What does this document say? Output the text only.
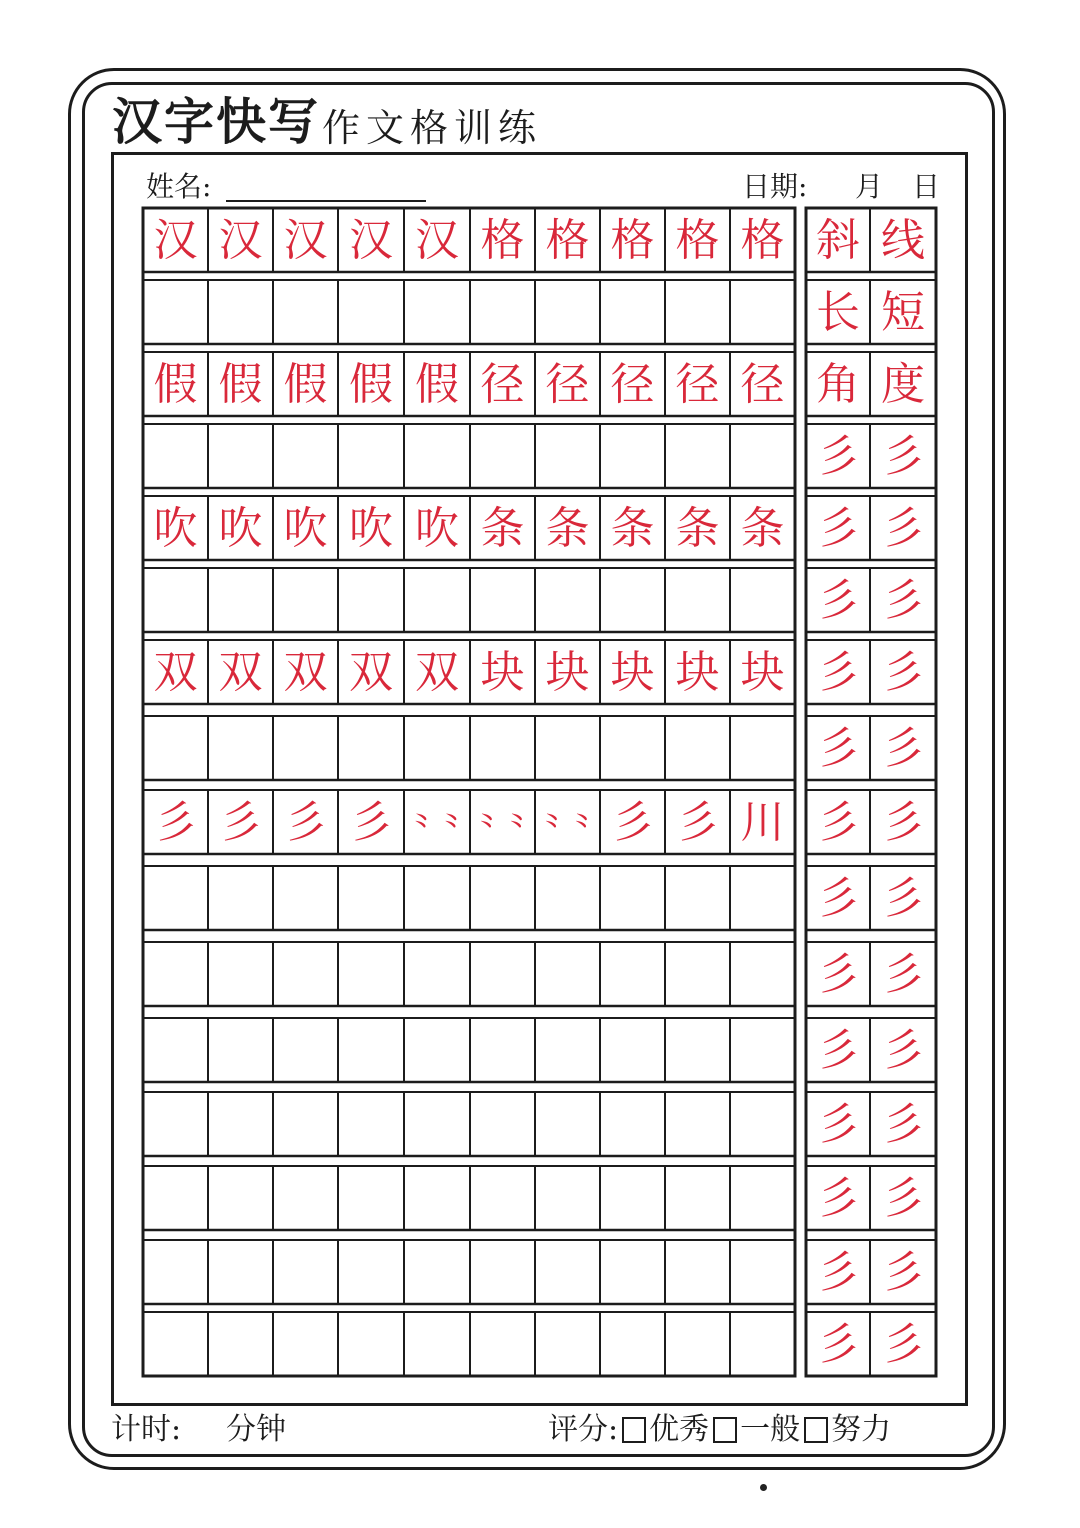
汉字快写 作文格训练
姓名:	日期: 月 日
汉 汉 汉 汉 汉 格 格 格 格 格 斜 线
长 短
假 假 假 假 假 径 径 径 径 径 角 度
彡 彡
吹 吹 吹 吹 吹 条 条 条 条 条 彡 彡
彡 彡
双 双 双 双 双 块 块 块 块 块 彡 彡
彡 彡
彡 彡 彡 彡 ⺀⺀ ⺀⺀ ⺀⺀ 彡 彡 川 彡 彡
彡 彡
彡 彡
彡 彡
彡 彡
彡 彡
彡 彡
彡 彡
计时: 分钟	评分: 优秀 一般 努力
